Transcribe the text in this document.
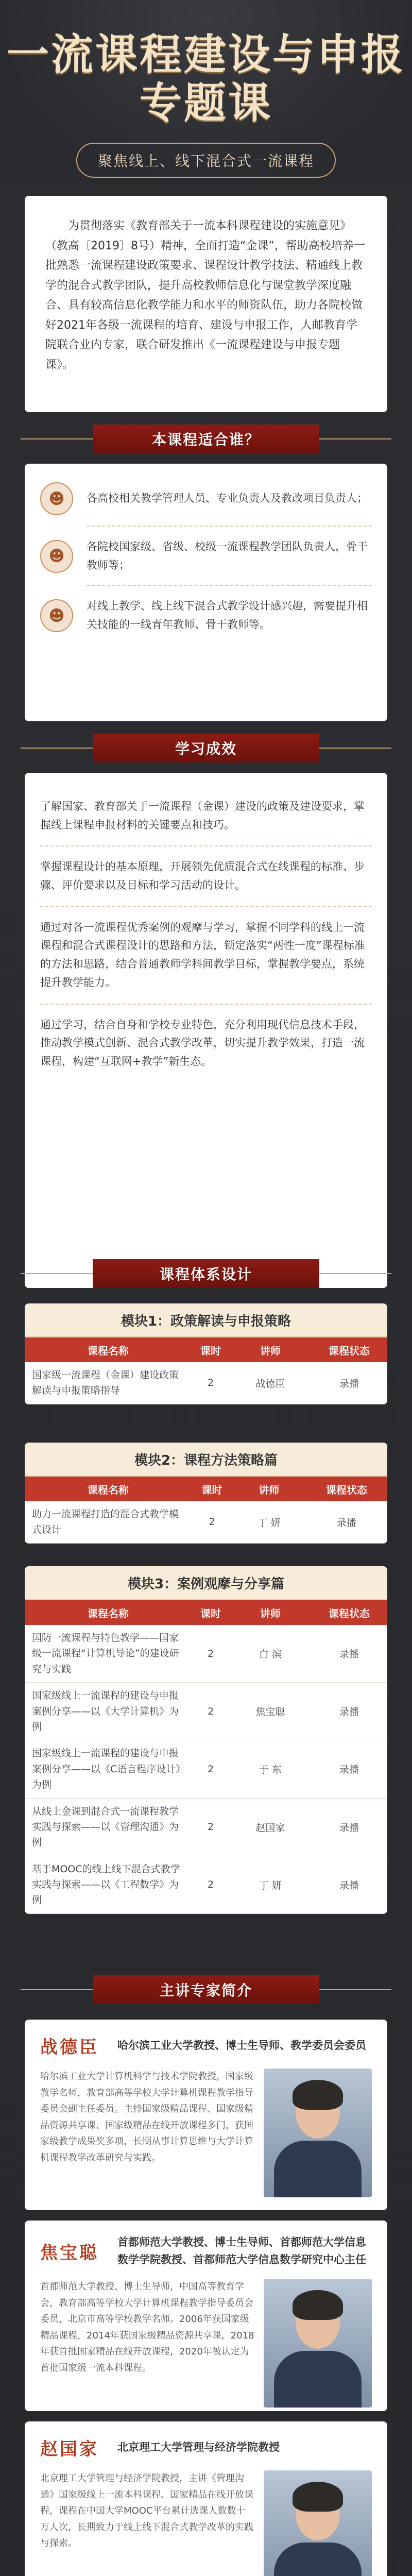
一流课程建设与申报
专题课
聚焦线上、线下混合式一流课程

为贯彻落实《教育部关于一流本科课程建设的实施意见》（教高〔2019〕8号）精神，全面打造“金课”，帮助高校培养一批熟悉一流课程建设政策要求、课程设计教学技法、精通线上教学的混合式教学团队，提升高校教师信息化与课堂教学深度融合、具有较高信息化教学能力和水平的师资队伍，助力各院校做好2021年各级一流课程的培育、建设与申报工作，人邮教育学院联合业内专家，联合研发推出《一流课程建设与申报专题课》。

本课程适合谁？
☻	各高校相关教学管理人员、专业负责人及教改项目负责人；
☻
各院校国家级、省级、校级一流课程教学团队负责人，骨干教师等；
☻
对线上教学、线上线下混合式教学设计感兴趣，需要提升相关技能的一线青年教师、骨干教师等。
学习成效
了解国家、教育部关于一流课程（金课）建设的政策及建设要求，掌握线上课程申报材料的关键要点和技巧。
掌握课程设计的基本原理，开展领先优质混合式在线课程的标准、步骤、评价要求以及目标和学习活动的设计。
通过对各一流课程优秀案例的观摩与学习，掌握不同学科的线上一流课程和混合式课程设计的思路和方法，锁定落实“两性一度”课程标准的方法和思路，结合普通教师学科间教学目标，掌握教学要点，系统提升教学能力。
通过学习，结合自身和学校专业特色，充分利用现代信息技术手段，推动教学模式创新、混合式教学改革，切实提升教学效果，打造一流课程，构建“互联网+教学”新生态。
课程体系设计
模块1：政策解读与申报策略
课程名称	课时	讲师	课程状态
国家级一流课程（金课）建设政策解读与申报策略指导	2	战德臣	录播
模块2：课程方法策略篇
课程名称	课时	讲师	课程状态
助力一流课程打造的混合式教学模式设计	2	丁 妍	录播
模块3：案例观摩与分享篇
课程名称	课时	讲师	课程状态
国防一流课程与特色教学——国家级一流课程“计算机导论”的建设研究与实践	2	白 滨	录播
国家级线上一流课程的建设与申报案例分享——以《大学计算机》为例	2	焦宝聪	录播
国家级线上一流课程的建设与申报案例分享——以《C语言程序设计》为例	2	于 东	录播
从线上金课到混合式一流课程教学实践与探索——以《管理沟通》为例	2	赵国家	录播
基于MOOC的线上线下混合式教学实践与探索——以《工程数学》为例	2	丁 妍	录播
主讲专家简介
战德臣	哈尔滨工业大学教授、博士生导师、教学委员会委员
哈尔滨工业大学计算机科学与技术学院教授，国家级教学名师，教育部高等学校大学计算机课程教学指导委员会副主任委员。主持国家级精品课程、国家级精品资源共享课、国家级精品在线开放课程多门，获国家级教学成果奖多项，长期从事计算思维与大学计算机课程教学改革研究与实践。
焦宝聪
首都师范大学教授、博士生导师、首都师范大学信息数学学院教授、首都师范大学信息数学研究中心主任
首都师范大学教授、博士生导师，中国高等教育学会，教育部高等学校大学计算机课程教学指导委员会委员，北京市高等学校教学名师。2006年获国家级精品课程，2014年获国家级精品资源共享课，2018年获首批国家精品在线开放课程，2020年被认定为首批国家级一流本科课程。
赵国家	北京理工大学管理与经济学院教授
北京理工大学管理与经济学院教授，主讲《管理沟通》国家级线上一流本科课程、国家精品在线开放课程，课程在中国大学MOOC平台累计选课人数数十万人次，长期致力于线上线下混合式教学改革的实践与探索。
